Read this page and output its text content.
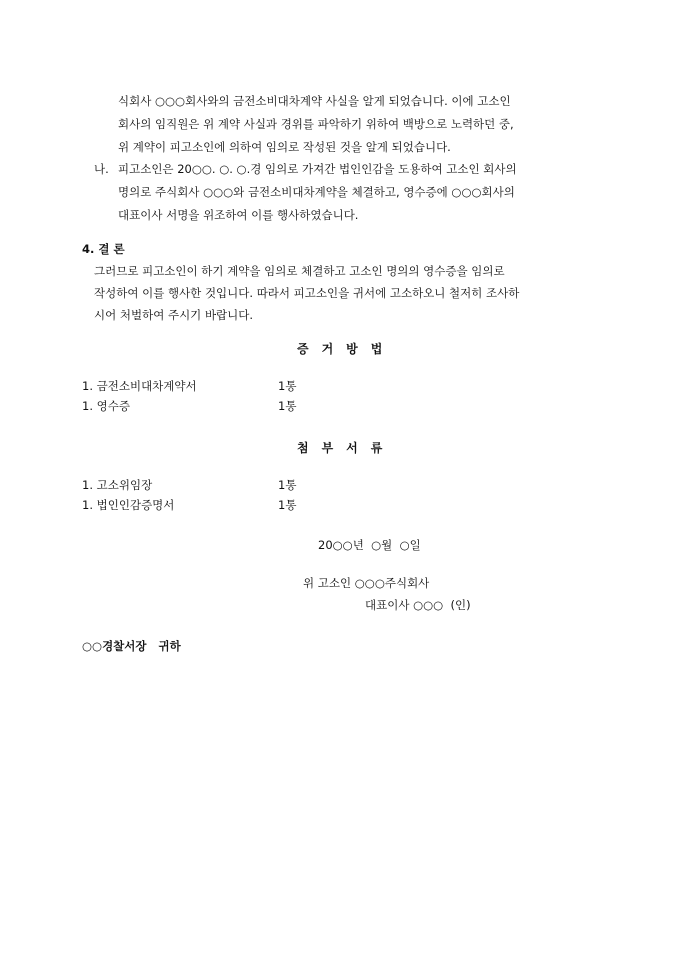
식회사 ○○○회사와의 금전소비대차계약 사실을 알게 되었습니다. 이에 고소인
회사의 임직원은 위 계약 사실과 경위를 파악하기 위하여 백방으로 노력하던 중,
위 계약이 피고소인에 의하여 임의로 작성된 것을 알게 되었습니다.
나. 피고소인은 20○○. ○. ○.경 임의로 가져간 법인인감을 도용하여 고소인 회사의
명의로 주식회사 ○○○와 금전소비대차계약을 체결하고, 영수증에 ○○○회사의
대표이사 서명을 위조하여 이를 행사하였습니다.
4. 결 론
그러므로 피고소인이 하기 계약을 임의로 체결하고 고소인 명의의 영수증을 임의로
작성하여 이를 행사한 것입니다. 따라서 피고소인을 귀서에 고소하오니 철저히 조사하
시어 처벌하여 주시기 바랍니다.
증거방법
1. 금전소비대차계약서	1통
1. 영수증	1통
첨부서류
1. 고소위임장	1통
1. 법인인감증명서	1통
20○○년  ○월  ○일
위 고소인 ○○○주식회사
대표이사 ○○○  (인)
○○경찰서장   귀하
